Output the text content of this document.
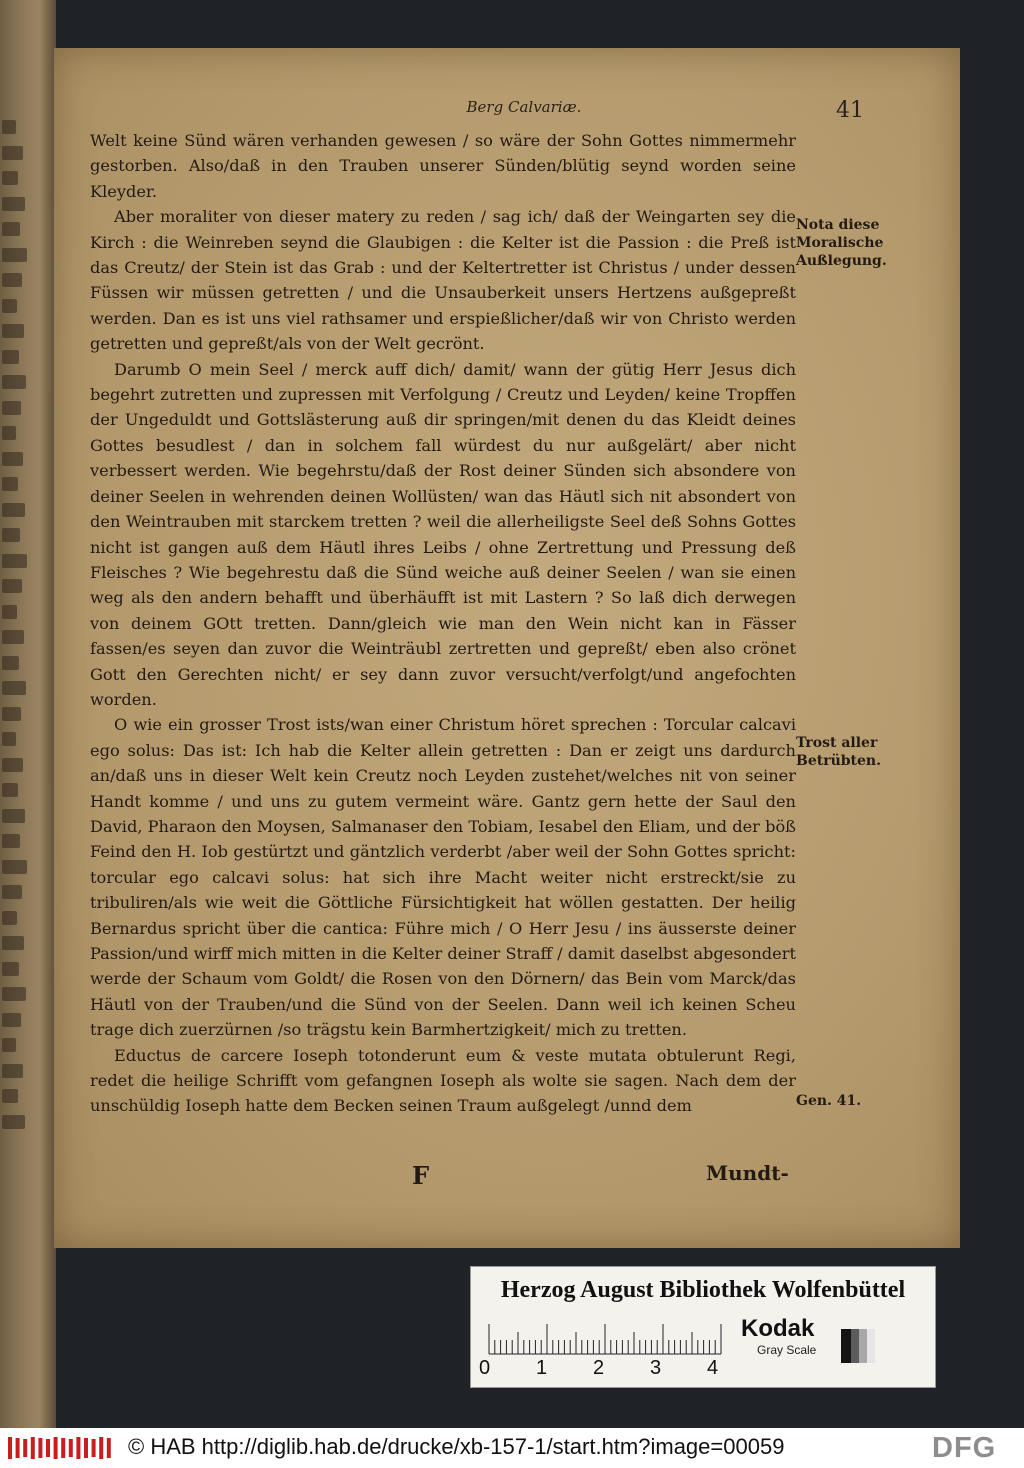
Berg Calvariæ.	41

Welt keine Sünd wären verhanden gewesen / so wäre der Sohn Gottes nimmermehr gestorben. Also/daß in den Trauben unserer Sünden/blütig seynd worden seine Kleyder.

Aber moraliter von dieser matery zu reden / sag ich/ daß der Weingarten sey die Kirch : die Weinreben seynd die Glaubigen : die Kelter ist die Passion : die Preß ist das Creutz/ der Stein ist das Grab : und der Keltertretter ist Christus / under dessen Füssen wir müssen getretten / und die Unsauberkeit unsers Hertzens außgepreßt werden. Dan es ist uns viel rathsamer und erspießlicher/daß wir von Christo werden getretten und gepreßt/als von der Welt gecrönt.

Darumb O mein Seel / merck auff dich/ damit/ wann der gütig Herr Jesus dich begehrt zutretten und zupressen mit Verfolgung / Creutz und Leyden/ keine Tropffen der Ungeduldt und Gottslästerung auß dir springen/mit denen du das Kleidt deines Gottes besudlest / dan in solchem fall würdest du nur außgelärt/ aber nicht verbessert werden. Wie begehrstu/daß der Rost deiner Sünden sich absondere von deiner Seelen in wehrenden deinen Wollüsten/ wan das Häutl sich nit absondert von den Weintrauben mit starckem tretten ? weil die allerheiligste Seel deß Sohns Gottes nicht ist gangen auß dem Häutl ihres Leibs / ohne Zertrettung und Pressung deß Fleisches ? Wie begehrestu daß die Sünd weiche auß deiner Seelen / wan sie einen weg als den andern behafft und überhäufft ist mit Lastern ? So laß dich derwegen von deinem GOtt tretten. Dann/gleich wie man den Wein nicht kan in Fässer fassen/es seyen dan zuvor die Weinträubl zertretten und gepreßt/ eben also crönet Gott den Gerechten nicht/ er sey dann zuvor versucht/verfolgt/und angefochten worden.

O wie ein grosser Trost ists/wan einer Christum höret sprechen : Torcular calcavi ego solus: Das ist: Ich hab die Kelter allein getretten : Dan er zeigt uns dardurch an/daß uns in dieser Welt kein Creutz noch Leyden zustehet/welches nit von seiner Handt komme / und uns zu gutem vermeint wäre. Gantz gern hette der Saul den David, Pharaon den Moysen, Salmanaser den Tobiam, Iesabel den Eliam, und der böß Feind den H. Iob gestürtzt und gäntzlich verderbt /aber weil der Sohn Gottes spricht: torcular ego calcavi solus: hat sich ihre Macht weiter nicht erstreckt/sie zu tribuliren/als wie weit die Göttliche Fürsichtigkeit hat wöllen gestatten. Der heilig Bernardus spricht über die cantica: Führe mich / O Herr Jesu / ins äusserste deiner Passion/und wirff mich mitten in die Kelter deiner Straff / damit daselbst abgesondert werde der Schaum vom Goldt/ die Rosen von den Dörnern/ das Bein vom Marck/das Häutl von der Trauben/und die Sünd von der Seelen. Dann weil ich keinen Scheu trage dich zuerzürnen /so trägstu kein Barmhertzigkeit/ mich zu tretten.

Eductus de carcere Ioseph totonderunt eum & veste mutata obtulerunt Regi, redet die heilige Schrifft vom gefangnen Ioseph als wolte sie sagen. Nach dem der unschüldig Ioseph hatte dem Becken seinen Traum außgelegt /unnd dem

Nota diese Moralische Außlegung.
Trost aller Betrübten.
Gen. 41.
F	Mundt-
Herzog August Bibliothek Wolfenbüttel
0 1 2 3 4
Kodak
Gray Scale
© HAB http://diglib.hab.de/drucke/xb-157-1/start.htm?image=00059	DFG
